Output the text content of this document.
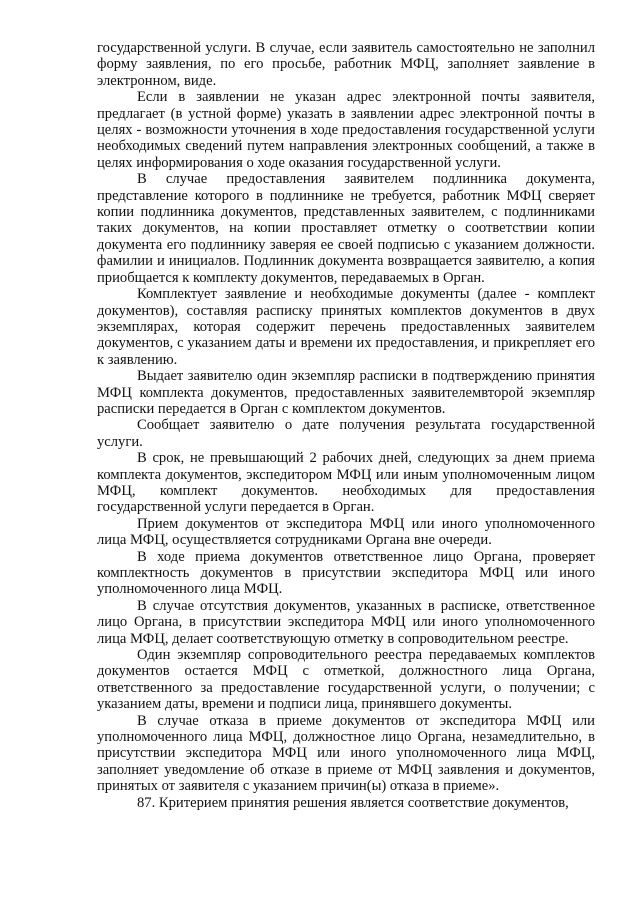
государственной услуги. В случае, если заявитель самостоятельно не заполнил форму заявления, по его просьбе, работник МФЦ, заполняет заявление в электронном, виде.

Если в заявлении не указан адрес электронной почты заявителя, предлагает (в устной форме) указать в заявлении адрес электронной почты в целях - возможности уточнения в ходе предоставления государственной услуги необходимых сведений путем направления электронных сообщений, а также в целях информирования о ходе оказания государственной услуги.

В случае предоставления заявителем подлинника документа, представление которого в подлиннике не требуется, работник МФЦ сверяет копии подлинника документов, представленных заявителем, с подлинниками таких документов, на копии проставляет отметку о соответствии копии документа его подлиннику заверяя ее своей подписью с указанием должности. фамилии и инициалов. Подлинник документа возвращается заявителю, а копия приобщается к комплекту документов, передаваемых в Орган.

Комплектует заявление и необходимые документы (далее - комплект документов), составляя расписку принятых комплектов документов в двух экземплярах, которая содержит перечень предоставленных заявителем документов, с указанием даты и времени их предоставления, и прикрепляет его к заявлению.

Выдает заявителю один экземпляр расписки в подтверждению принятия МФЦ комплекта документов, предоставленных заявителемвторой экземпляр расписки передается в Орган с комплектом документов.

Сообщает заявителю о дате получения результата государственной услуги.

В срок, не превышающий 2 рабочих дней, следующих за днем приема комплекта документов, экспедитором МФЦ или иным уполномоченным лицом МФЦ, комплект документов. необходимых для предоставления государственной услуги передается в Орган.

Прием документов от экспедитора МФЦ или иного уполномоченного лица МФЦ, осуществляется сотрудниками Органа вне очереди.

В ходе приема документов ответственное лицо Органа, проверяет комплектность документов в присутствии экспедитора МФЦ или иного уполномоченного лица МФЦ.

В случае отсутствия документов, указанных в расписке, ответственное лицо Органа, в присутствии экспедитора МФЦ или иного уполномоченного лица МФЦ, делает соответствующую отметку в сопроводительном реестре.

Один экземпляр сопроводительного реестра передаваемых комплектов документов остается МФЦ с отметкой, должностного лица Органа, ответственного за предоставление государственной услуги, о получении; с указанием даты, времени и подписи лица, принявшего документы.

В случае отказа в приеме документов от экспедитора МФЦ или уполномоченного лица МФЦ, должностное лицо Органа, незамедлительно, в присутствии экспедитора МФЦ или иного уполномоченного лица МФЦ, заполняет уведомление об отказе в приеме от МФЦ заявления и документов, принятых от заявителя с указанием причин(ы) отказа в приеме».

87. Критерием принятия решения является соответствие документов,
